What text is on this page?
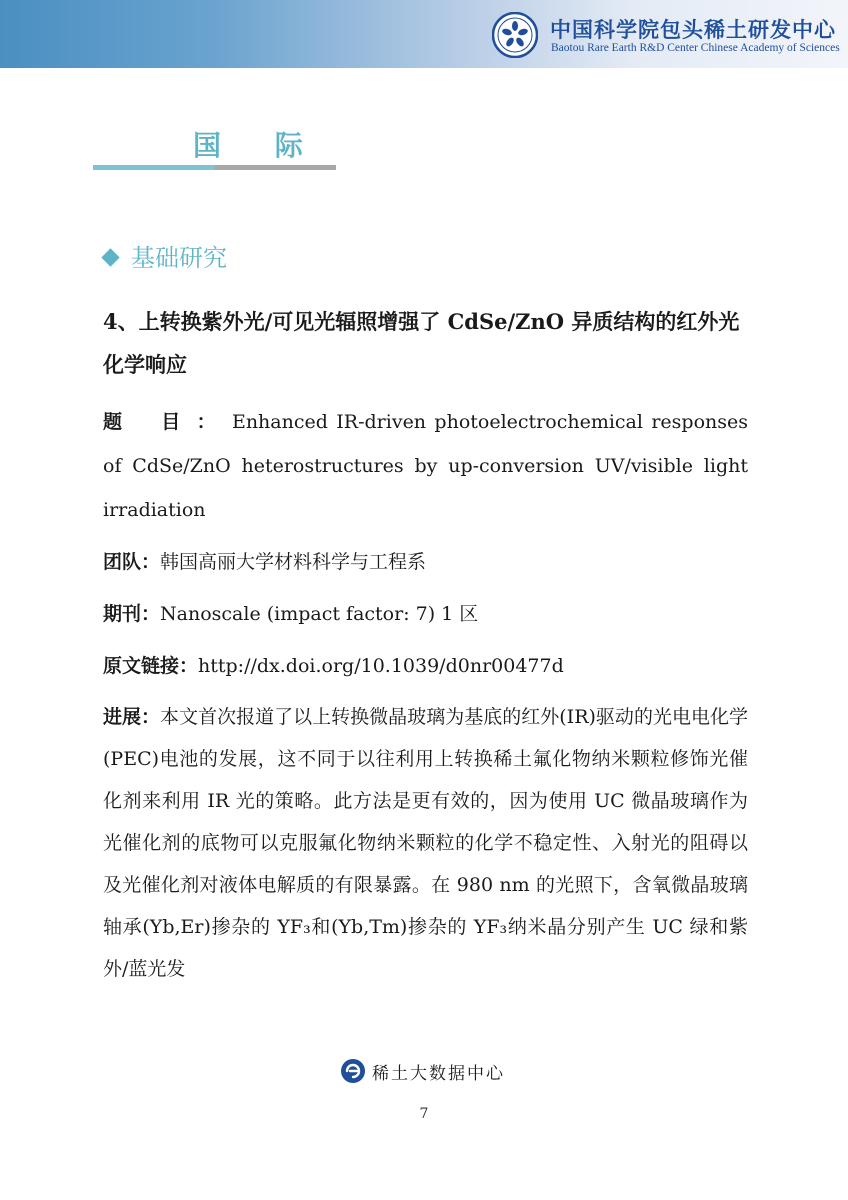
中国科学院包头稀土研发中心
Baotou Rare Earth R&D Center Chinese Academy of Sciences
国 际
基础研究
4、上转换紫外光/可见光辐照增强了 CdSe/ZnO 异质结构的红外光化学响应

题 目：Enhanced IR-driven photoelectrochemical responses of CdSe/ZnO heterostructures by up-conversion UV/visible light irradiation

团队：韩国高丽大学材料科学与工程系

期刊：Nanoscale (impact factor: 7) 1 区

原文链接：http://dx.doi.org/10.1039/d0nr00477d

进展：本文首次报道了以上转换微晶玻璃为基底的红外(IR)驱动的光电电化学(PEC)电池的发展，这不同于以往利用上转换稀土氟化物纳米颗粒修饰光催化剂来利用 IR 光的策略。此方法是更有效的，因为使用 UC 微晶玻璃作为光催化剂的底物可以克服氟化物纳米颗粒的化学不稳定性、入射光的阻碍以及光催化剂对液体电解质的有限暴露。在 980 nm 的光照下，含氧微晶玻璃轴承(Yb,Er)掺杂的 YF₃和(Yb,Tm)掺杂的 YF₃纳米晶分别产生 UC 绿和紫外/蓝光发

稀土大数据中心
7
